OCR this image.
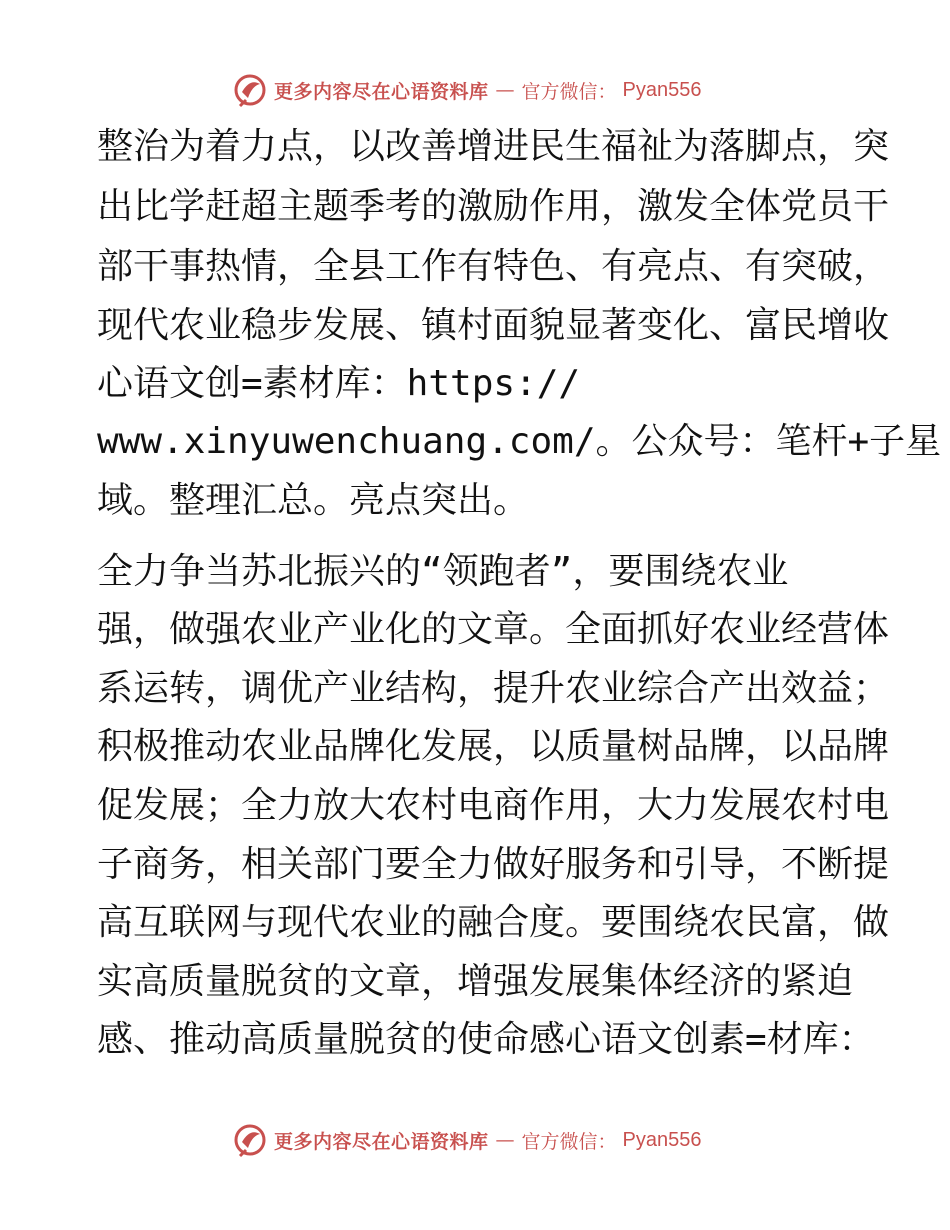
更多内容尽在心语资料库 — 官方微信： Pyan556
整治为着力点，以改善增进民生福祉为落脚点，突
出比学赶超主题季考的激励作用，激发全体党员干
部干事热情，全县工作有特色、有亮点、有突破，
现代农业稳步发展、镇村面貌显著变化、富民增收
心语文创=素材库：https://
www.xinyuwenchuang.com/。公众号：笔杆+子星
域。整理汇总。亮点突出。
全力争当苏北振兴的“领跑者”，要围绕农业
强，做强农业产业化的文章。全面抓好农业经营体
系运转，调优产业结构，提升农业综合产出效益；
积极推动农业品牌化发展，以质量树品牌，以品牌
促发展；全力放大农村电商作用，大力发展农村电
子商务，相关部门要全力做好服务和引导，不断提
高互联网与现代农业的融合度。要围绕农民富，做
实高质量脱贫的文章，增强发展集体经济的紧迫
感、推动高质量脱贫的使命感心语文创素=材库：
更多内容尽在心语资料库 — 官方微信： Pyan556
